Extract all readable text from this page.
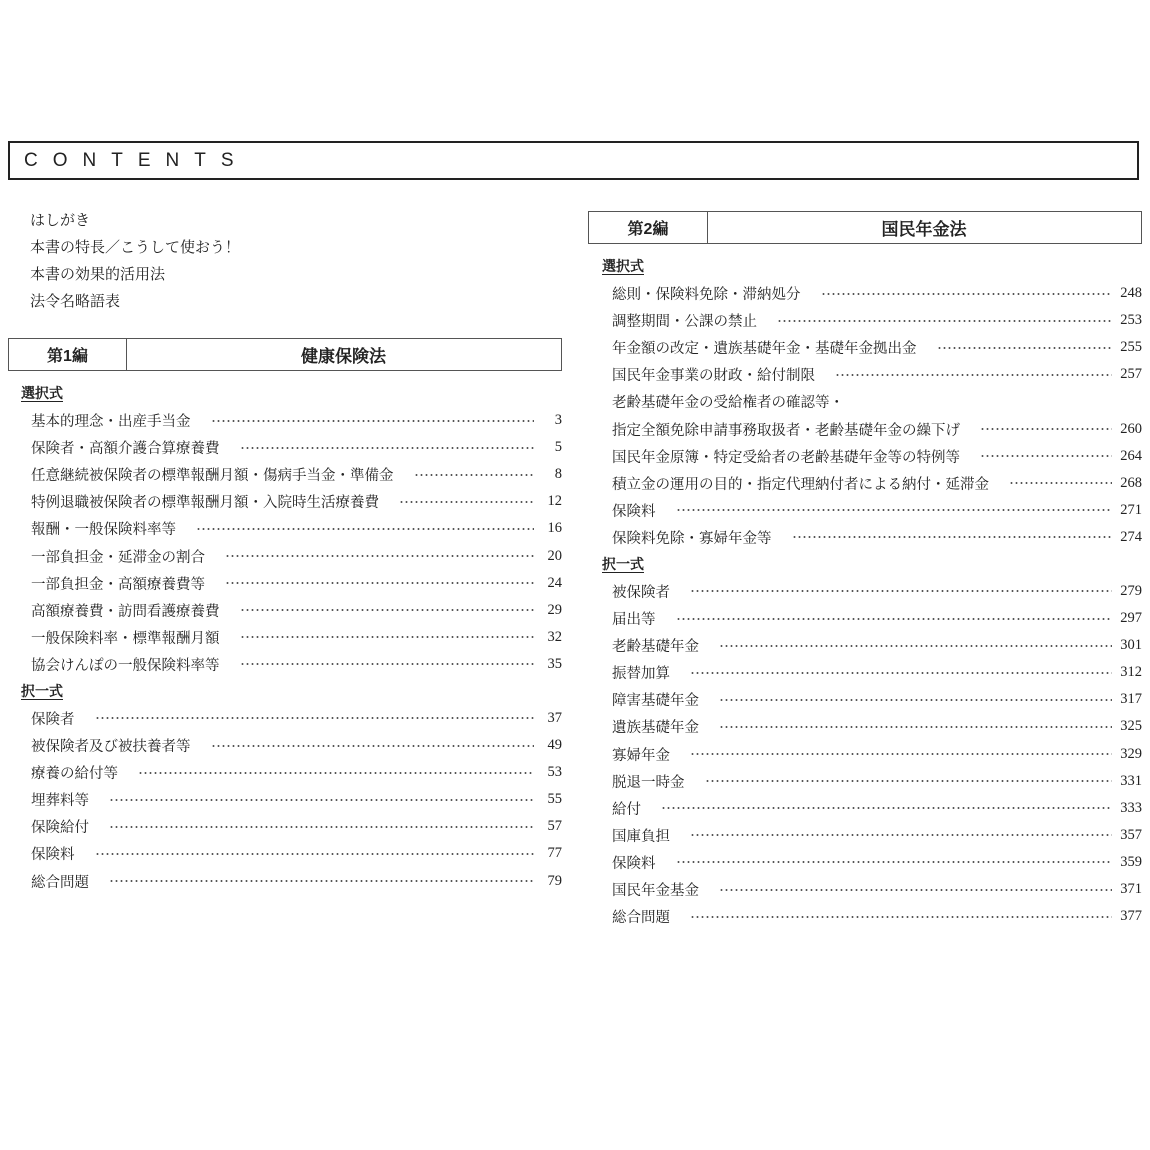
CONTENTS
はしがき
本書の特長／こうして使おう！
本書の効果的活用法
法令名略語表
第1編	健康保険法
選択式
基本的理念・出産手当金	3
保険者・高額介護合算療養費	5
任意継続被保険者の標準報酬月額・傷病手当金・準備金	8
特例退職被保険者の標準報酬月額・入院時生活療養費	12
報酬・一般保険料率等	16
一部負担金・延滞金の割合	20
一部負担金・高額療養費等	24
高額療養費・訪問看護療養費	29
一般保険料率・標準報酬月額	32
協会けんぽの一般保険料率等	35
択一式
保険者	37
被保険者及び被扶養者等	49
療養の給付等	53
埋葬料等	55
保険給付	57
保険料	77
総合問題	79
第2編	国民年金法
選択式
総則・保険料免除・滞納処分	248
調整期間・公課の禁止	253
年金額の改定・遺族基礎年金・基礎年金拠出金	255
国民年金事業の財政・給付制限	257
老齢基礎年金の受給権者の確認等・
指定全額免除申請事務取扱者・老齢基礎年金の繰下げ	260
国民年金原簿・特定受給者の老齢基礎年金等の特例等	264
積立金の運用の目的・指定代理納付者による納付・延滞金	268
保険料	271
保険料免除・寡婦年金等	274
択一式
被保険者	279
届出等	297
老齢基礎年金	301
振替加算	312
障害基礎年金	317
遺族基礎年金	325
寡婦年金	329
脱退一時金	331
給付	333
国庫負担	357
保険料	359
国民年金基金	371
総合問題	377
